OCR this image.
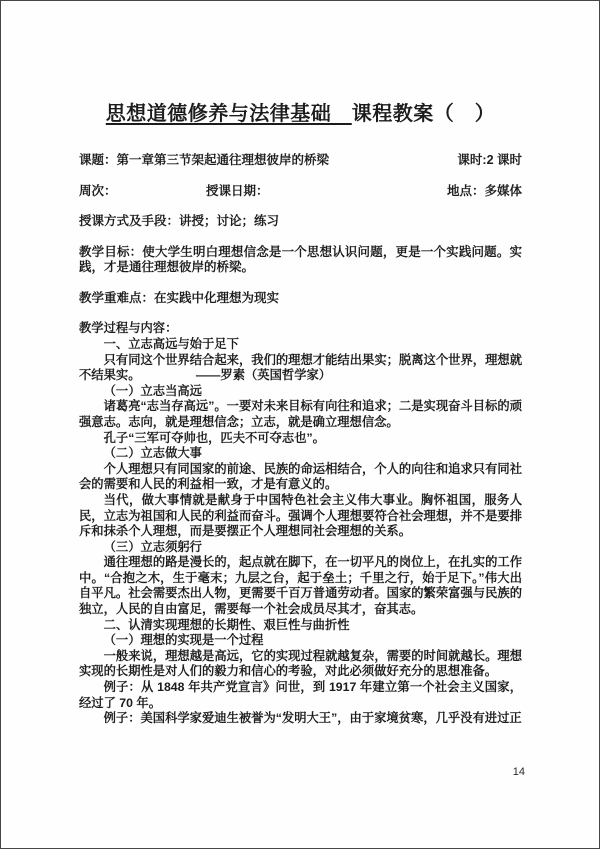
思想道德修养与法律基础　课程教案（　）
课题：第一章第三节架起通往理想彼岸的桥梁	课时:2 课时
周次：	授课日期：	地点：多媒体
授课方式及手段：讲授；讨论；练习
教学目标：使大学生明白理想信念是一个思想认识问题，更是一个实践问题。实践，才是通往理想彼岸的桥梁。
教学重难点：在实践中化理想为现实

教学过程与内容：

一、立志高远与始于足下

只有同这个世界结合起来，我们的理想才能结出果实；脱离这个世界，理想就不结果实。　　　　　——罗素（英国哲学家）

（一）立志当高远

诸葛亮“志当存高远”。一要对未来目标有向往和追求；二是实现奋斗目标的顽强意志。志向，就是理想信念；立志，就是确立理想信念。

孔子“三军可夺帅也，匹夫不可夺志也”。

（二）立志做大事

个人理想只有同国家的前途、民族的命运相结合，个人的向往和追求只有同社会的需要和人民的利益相一致，才是有意义的。

当代，做大事情就是献身于中国特色社会主义伟大事业。胸怀祖国，服务人民，立志为祖国和人民的利益而奋斗。强调个人理想要符合社会理想，并不是要排斥和抹杀个人理想，而是要摆正个人理想同社会理想的关系。

（三）立志须躬行

通往理想的路是漫长的，起点就在脚下，在一切平凡的岗位上，在扎实的工作中。“合抱之木，生于毫末；九层之台，起于垒土；千里之行，始于足下。”伟大出自平凡。社会需要杰出人物，更需要千百万普通劳动者。国家的繁荣富强与民族的独立，人民的自由富足，需要每一个社会成员尽其才，奋其志。

二、认清实现理想的长期性、艰巨性与曲折性

（一）理想的实现是一个过程

一般来说，理想越是高远，它的实现过程就越复杂，需要的时间就越长。理想实现的长期性是对人们的毅力和信心的考验，对此必须做好充分的思想准备。

例子：从 1848 年共产党宣言》问世，到 1917 年建立第一个社会主义国家，经过了 70 年。

例子：美国科学家爱迪生被誉为“发明大王”，由于家境贫寒，几乎没有进过正

14
